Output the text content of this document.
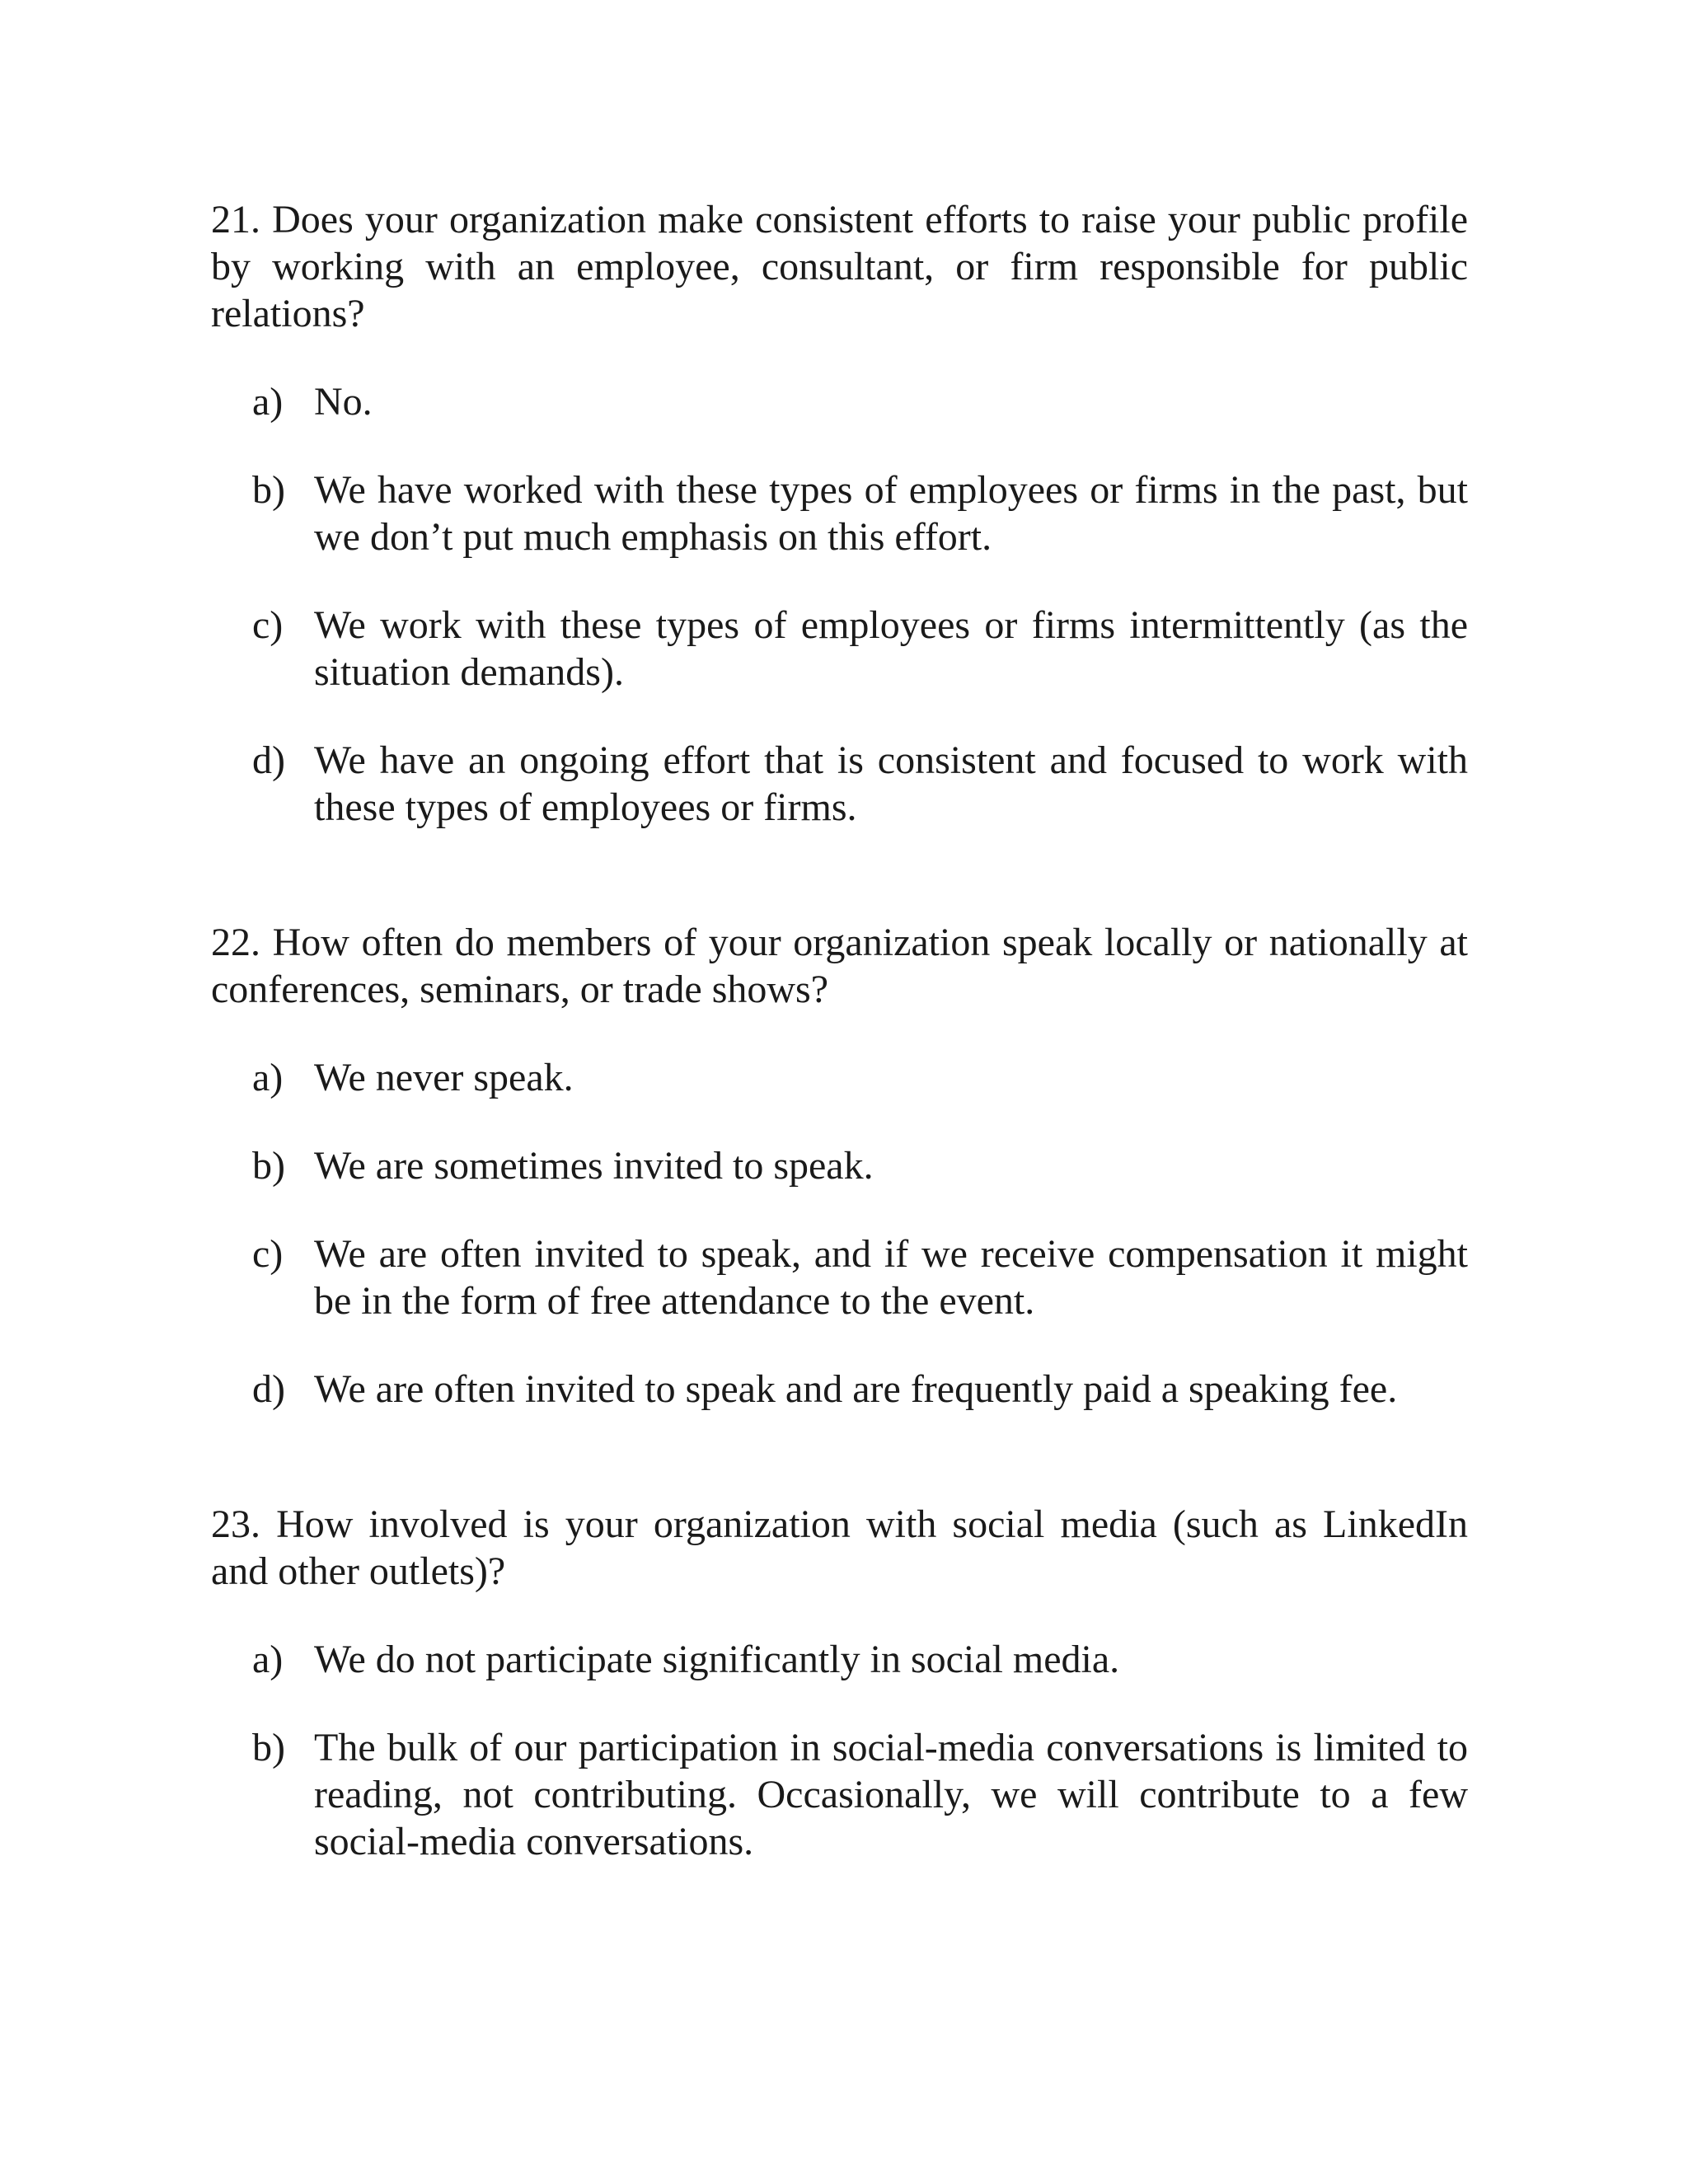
21. Does your organization make consistent efforts to raise your public profile by working with an employee, consultant, or firm responsible for public relations?

a) No.
b) We have worked with these types of employees or firms in the past, but we don’t put much emphasis on this effort.
c) We work with these types of employees or firms intermittently (as the situation demands).
d) We have an ongoing effort that is consistent and focused to work with these types of employees or firms.

22. How often do members of your organization speak locally or nationally at conferences, seminars, or trade shows?

a) We never speak.
b) We are sometimes invited to speak.
c) We are often invited to speak, and if we receive compensation it might be in the form of free attendance to the event.
d) We are often invited to speak and are frequently paid a speaking fee.

23. How involved is your organization with social media (such as LinkedIn and other outlets)?

a) We do not participate significantly in social media.
b) The bulk of our participation in social-media conversations is limited to reading, not contributing. Occasionally, we will contribute to a few social-media conversations.
